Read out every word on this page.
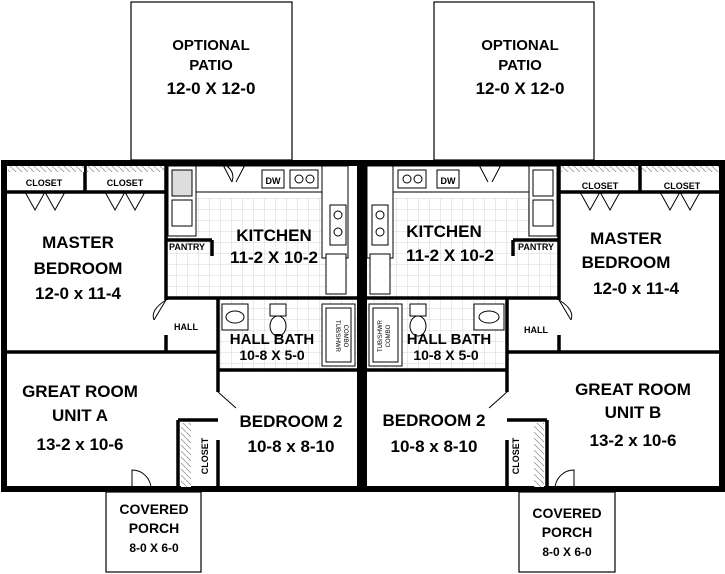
OPTIONAL
PATIO
12-0 X 12-0
OPTIONAL
PATIO
12-0 X 12-0
CLOSET	CLOSET
MASTER
BEDROOM
12-0 x 11-4
PANTRY
KITCHEN
11-2 X 10-2
DW
HALL
HALL BATH
10-8 X 5-0
TUB/SHWR COMBO
GREAT ROOM
UNIT A
13-2 x 10-6
BEDROOM 2
10-8 x 8-10
CLOSET
COVERED
PORCH
8-0 X 6-0
CLOSET	CLOSET
MASTER
BEDROOM
12-0 x 11-4
PANTRY
KITCHEN
11-2 X 10-2
DW
HALL
HALL BATH
10-8 X 5-0
TUB/SHWR COMBO
GREAT ROOM
UNIT B
13-2 x 10-6
BEDROOM 2
10-8 x 8-10	CLOSET
COVERED
PORCH
8-0 X 6-0
